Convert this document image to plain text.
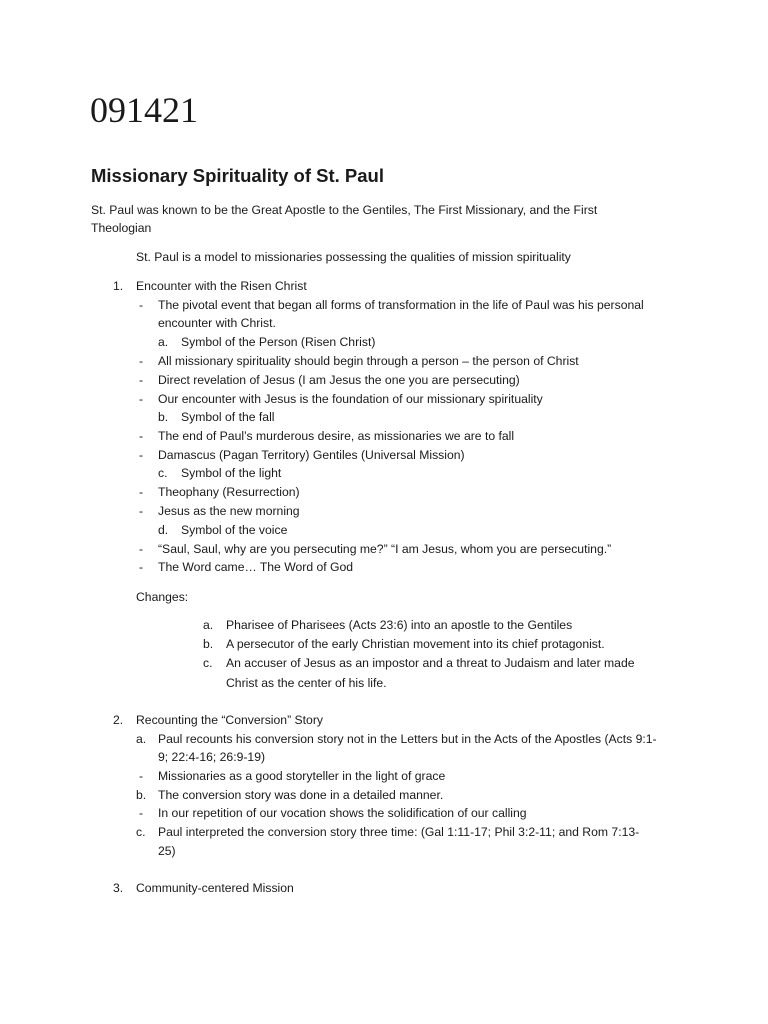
091421
Missionary Spirituality of St. Paul
St. Paul was known to be the Great Apostle to the Gentiles, The First Missionary, and the First
Theologian
St. Paul is a model to missionaries possessing the qualities of mission spirituality
1. Encounter with the Risen Christ
- The pivotal event that began all forms of transformation in the life of Paul was his personal
encounter with Christ.
a. Symbol of the Person (Risen Christ)
- All missionary spirituality should begin through a person – the person of Christ
- Direct revelation of Jesus (I am Jesus the one you are persecuting)
- Our encounter with Jesus is the foundation of our missionary spirituality
b. Symbol of the fall
- The end of Paul’s murderous desire, as missionaries we are to fall
- Damascus (Pagan Territory) Gentiles (Universal Mission)
c. Symbol of the light
- Theophany (Resurrection)
- Jesus as the new morning
d. Symbol of the voice
- “Saul, Saul, why are you persecuting me?” “I am Jesus, whom you are persecuting.”
- The Word came… The Word of God
Changes:
a. Pharisee of Pharisees (Acts 23:6) into an apostle to the Gentiles
b. A persecutor of the early Christian movement into its chief protagonist.
c. An accuser of Jesus as an impostor and a threat to Judaism and later made
Christ as the center of his life.
2. Recounting the “Conversion” Story
a. Paul recounts his conversion story not in the Letters but in the Acts of the Apostles (Acts 9:1-
9; 22:4-16; 26:9-19)
- Missionaries as a good storyteller in the light of grace
b. The conversion story was done in a detailed manner.
- In our repetition of our vocation shows the solidification of our calling
c. Paul interpreted the conversion story three time: (Gal 1:11-17; Phil 3:2-11; and Rom 7:13-
25)
3. Community-centered Mission
